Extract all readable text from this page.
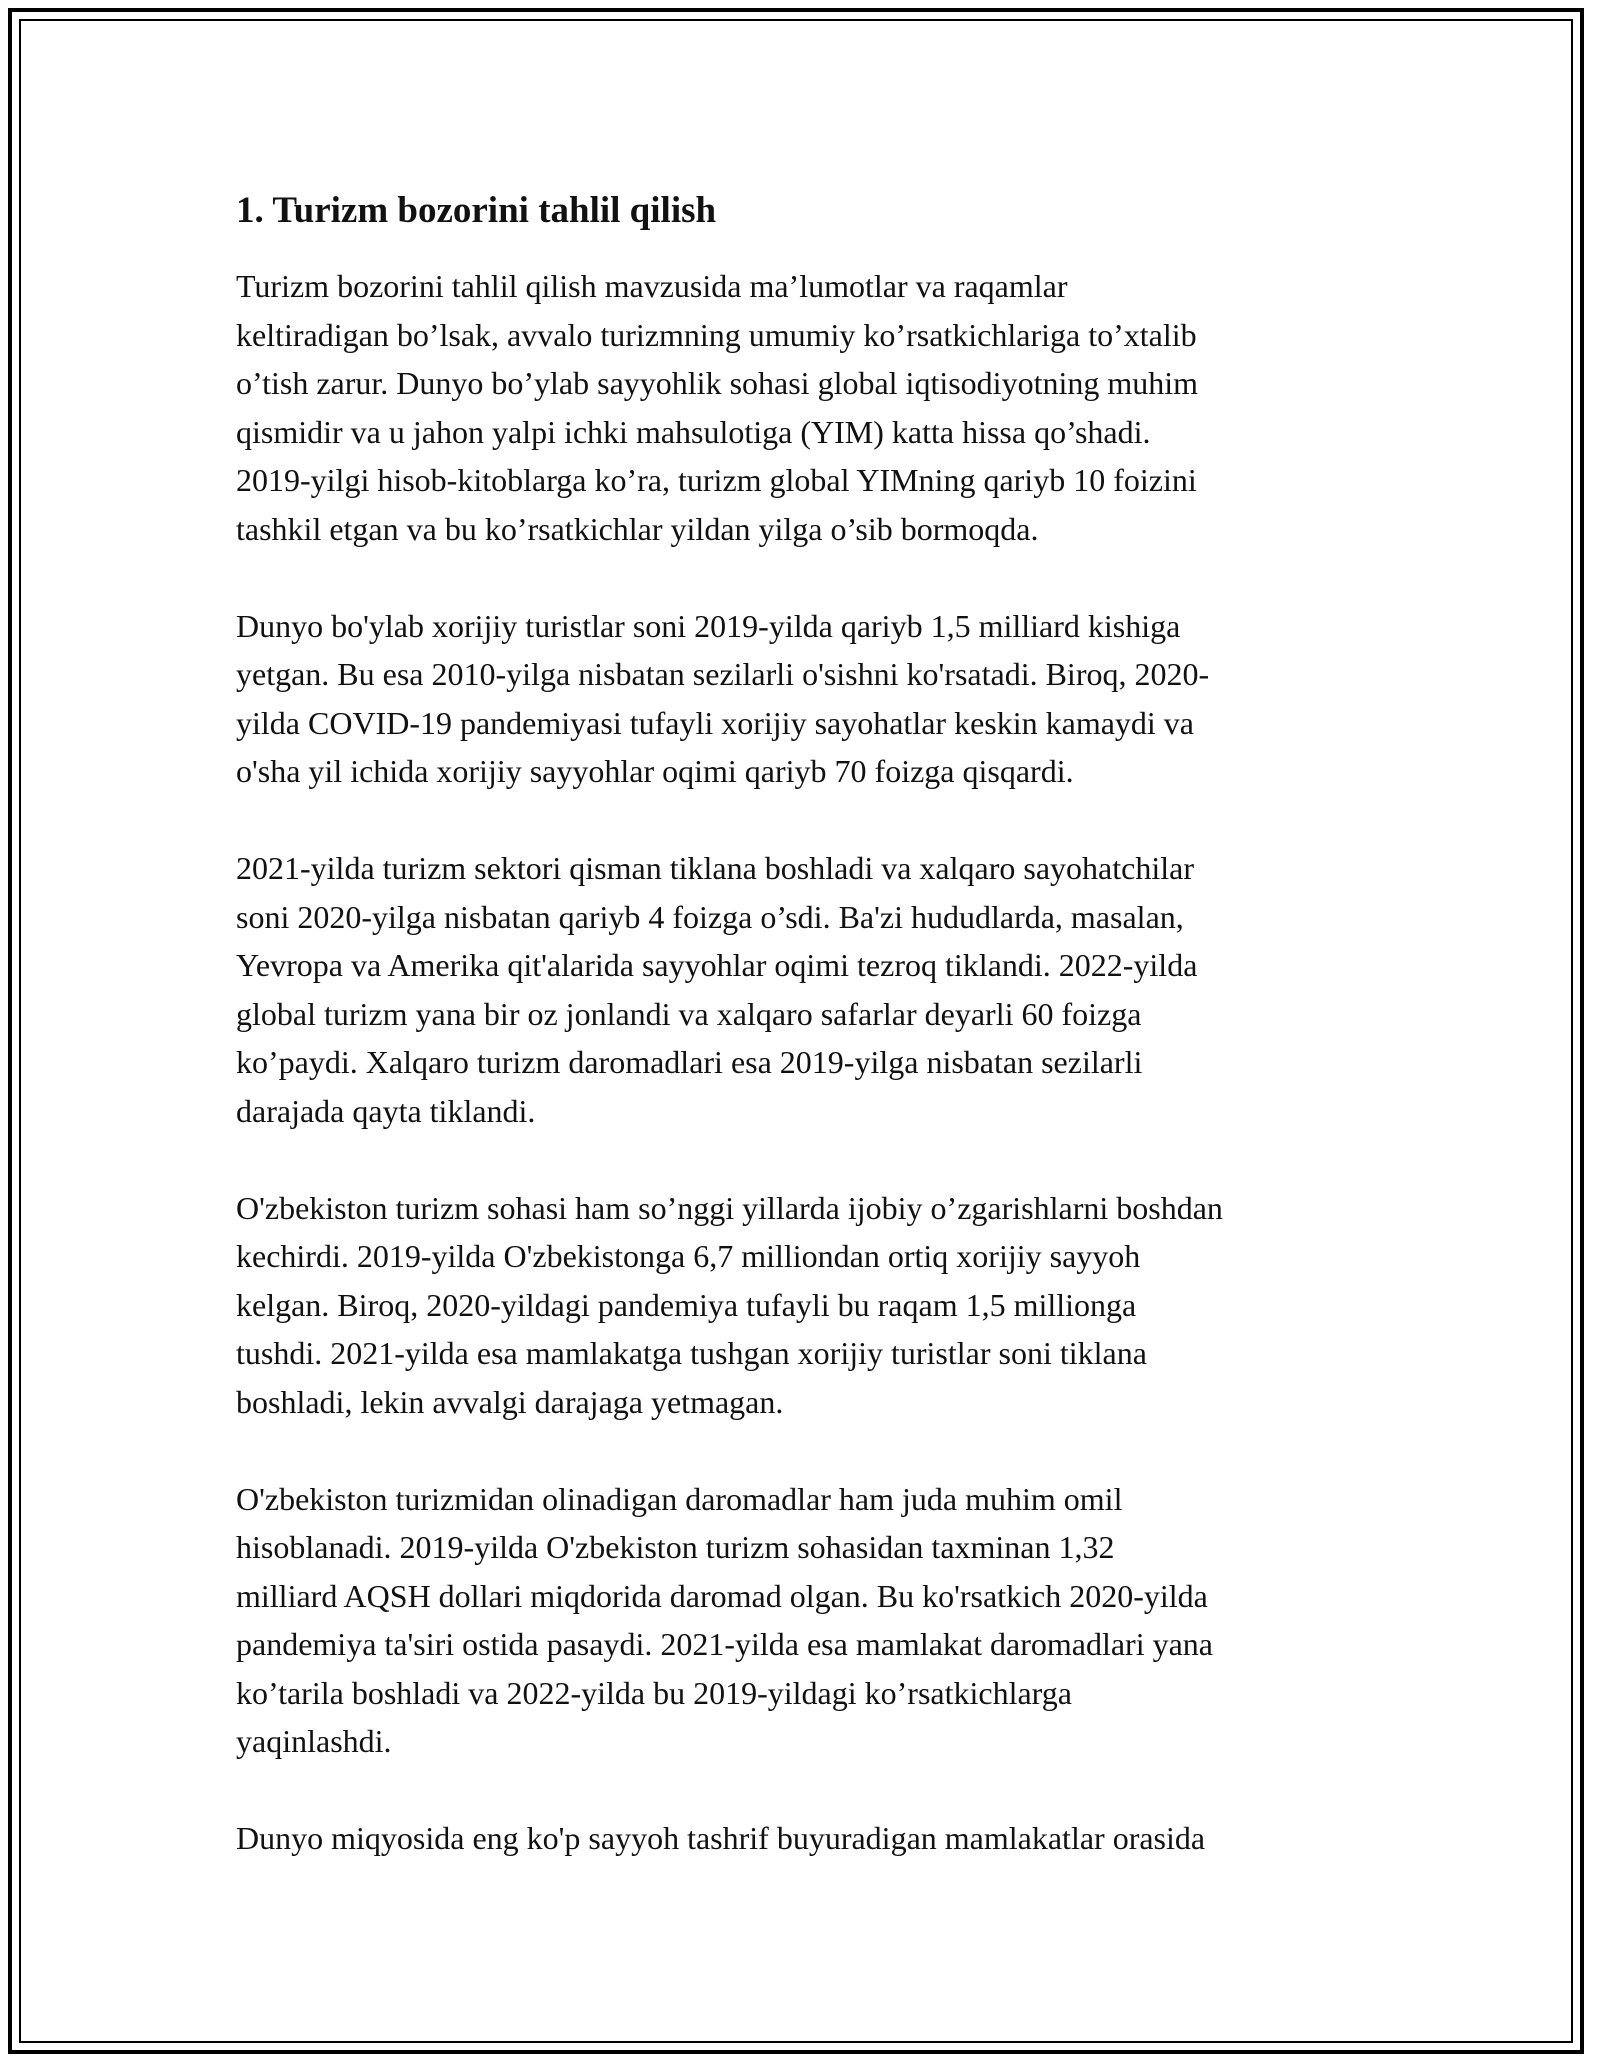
1. Turizm bozorini tahlil qilish

Turizm bozorini tahlil qilish mavzusida ma’lumotlar va raqamlar
keltiradigan bo’lsak, avvalo turizmning umumiy ko’rsatkichlariga to’xtalib
o’tish zarur. Dunyo bo’ylab sayyohlik sohasi global iqtisodiyotning muhim
qismidir va u jahon yalpi ichki mahsulotiga (YIM) katta hissa qo’shadi.
2019-yilgi hisob-kitoblarga ko’ra, turizm global YIMning qariyb 10 foizini
tashkil etgan va bu ko’rsatkichlar yildan yilga o’sib bormoqda.

Dunyo bo'ylab xorijiy turistlar soni 2019-yilda qariyb 1,5 milliard kishiga
yetgan. Bu esa 2010-yilga nisbatan sezilarli o'sishni ko'rsatadi. Biroq, 2020-
yilda COVID-19 pandemiyasi tufayli xorijiy sayohatlar keskin kamaydi va
o'sha yil ichida xorijiy sayyohlar oqimi qariyb 70 foizga qisqardi.

2021-yilda turizm sektori qisman tiklana boshladi va xalqaro sayohatchilar
soni 2020-yilga nisbatan qariyb 4 foizga o’sdi. Ba'zi hududlarda, masalan,
Yevropa va Amerika qit'alarida sayyohlar oqimi tezroq tiklandi. 2022-yilda
global turizm yana bir oz jonlandi va xalqaro safarlar deyarli 60 foizga
ko’paydi. Xalqaro turizm daromadlari esa 2019-yilga nisbatan sezilarli
darajada qayta tiklandi.

O'zbekiston turizm sohasi ham so’nggi yillarda ijobiy o’zgarishlarni boshdan
kechirdi. 2019-yilda O'zbekistonga 6,7 milliondan ortiq xorijiy sayyoh
kelgan. Biroq, 2020-yildagi pandemiya tufayli bu raqam 1,5 millionga
tushdi. 2021-yilda esa mamlakatga tushgan xorijiy turistlar soni tiklana
boshladi, lekin avvalgi darajaga yetmagan.

O'zbekiston turizmidan olinadigan daromadlar ham juda muhim omil
hisoblanadi. 2019-yilda O'zbekiston turizm sohasidan taxminan 1,32
milliard AQSH dollari miqdorida daromad olgan. Bu ko'rsatkich 2020-yilda
pandemiya ta'siri ostida pasaydi. 2021-yilda esa mamlakat daromadlari yana
ko’tarila boshladi va 2022-yilda bu 2019-yildagi ko’rsatkichlarga
yaqinlashdi.

Dunyo miqyosida eng ko'p sayyoh tashrif buyuradigan mamlakatlar orasida
